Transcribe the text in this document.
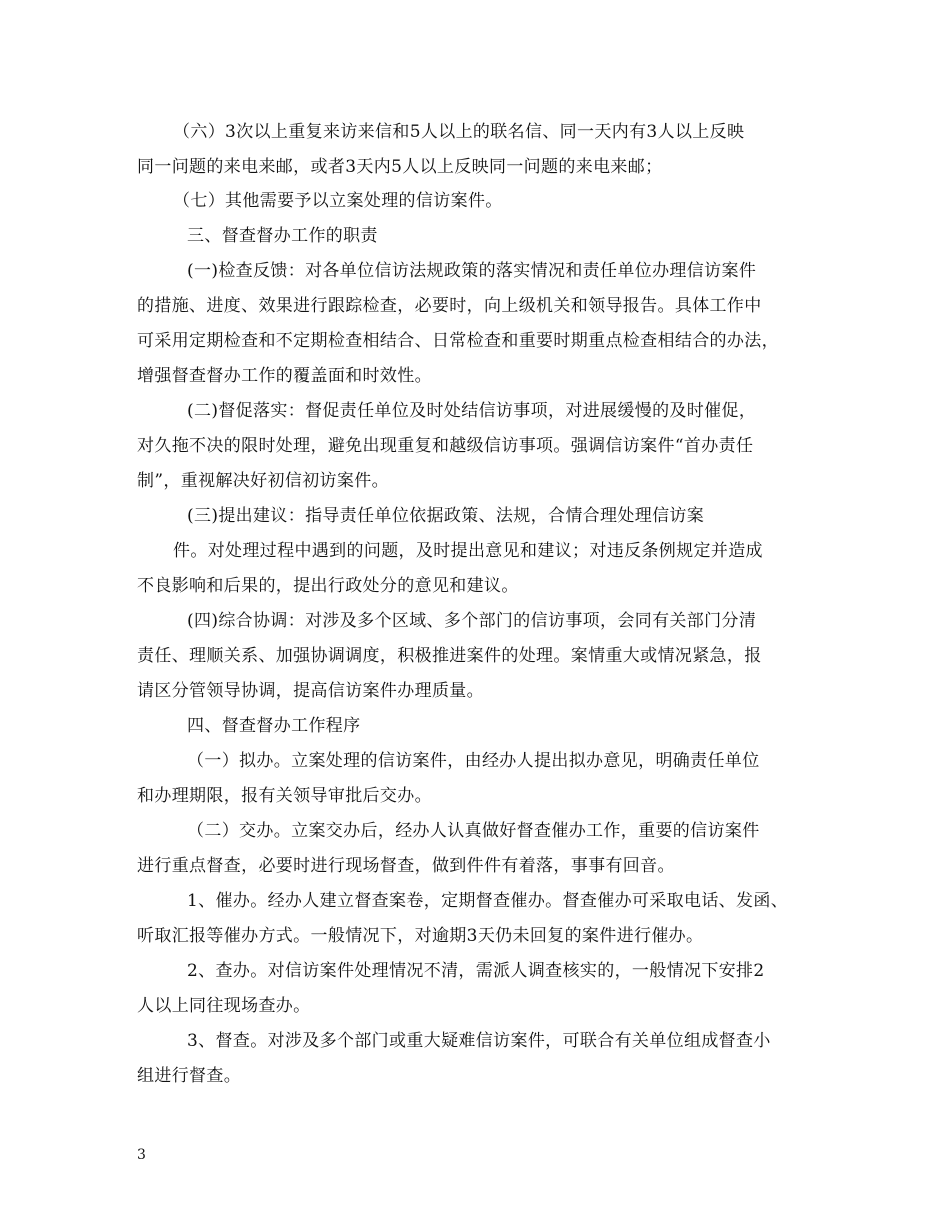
（六）3次以上重复来访来信和5人以上的联名信、同一天内有3人以上反映
同一问题的来电来邮，或者3天内5人以上反映同一问题的来电来邮；
（七）其他需要予以立案处理的信访案件。
三、督查督办工作的职责
(一)检查反馈：对各单位信访法规政策的落实情况和责任单位办理信访案件
的措施、进度、效果进行跟踪检查，必要时，向上级机关和领导报告。具体工作中
可采用定期检查和不定期检查相结合、日常检查和重要时期重点检查相结合的办法，
增强督查督办工作的覆盖面和时效性。
(二)督促落实：督促责任单位及时处结信访事项，对进展缓慢的及时催促，
对久拖不决的限时处理，避免出现重复和越级信访事项。强调信访案件“首办责任
制”，重视解决好初信初访案件。
(三)提出建议：指导责任单位依据政策、法规，合情合理处理信访案
件。对处理过程中遇到的问题，及时提出意见和建议；对违反条例规定并造成
不良影响和后果的，提出行政处分的意见和建议。
(四)综合协调：对涉及多个区域、多个部门的信访事项，会同有关部门分清
责任、理顺关系、加强协调调度，积极推进案件的处理。案情重大或情况紧急，报
请区分管领导协调，提高信访案件办理质量。
四、督查督办工作程序
（一）拟办。立案处理的信访案件，由经办人提出拟办意见，明确责任单位
和办理期限，报有关领导审批后交办。
（二）交办。立案交办后，经办人认真做好督查催办工作，重要的信访案件
进行重点督查，必要时进行现场督查，做到件件有着落，事事有回音。
1、催办。经办人建立督查案卷，定期督查催办。督查催办可采取电话、发函、
听取汇报等催办方式。一般情况下，对逾期3天仍未回复的案件进行催办。
2、查办。对信访案件处理情况不清，需派人调查核实的，一般情况下安排2
人以上同往现场查办。
3、督查。对涉及多个部门或重大疑难信访案件，可联合有关单位组成督查小
组进行督查。
3
